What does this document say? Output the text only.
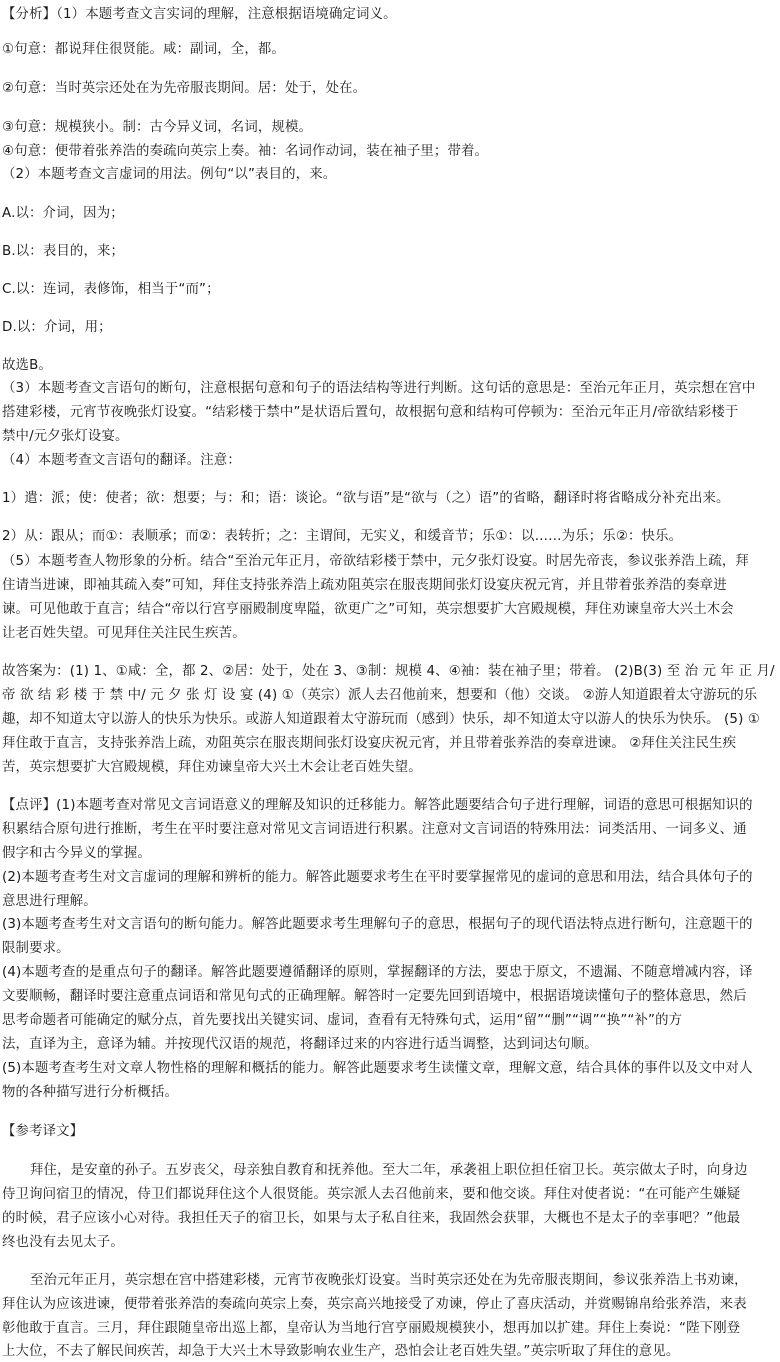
【分析】（1）本题考查文言实词的理解，注意根据语境确定词义。
①句意：都说拜住很贤能。咸：副词，全，都。
②句意：当时英宗还处在为先帝服丧期间。居：处于，处在。
③句意：规模狭小。制：古今异义词，名词，规模。
④句意：便带着张养浩的奏疏向英宗上奏。袖：名词作动词，装在袖子里；带着。
（2）本题考查文言虚词的用法。例句“以”表目的，来。
A.以：介词，因为；
B.以：表目的，来；
C.以：连词，表修饰，相当于“而”；
D.以：介词，用；
故选B。
（3）本题考查文言语句的断句，注意根据句意和句子的语法结构等进行判断。这句话的意思是：至治元年正月，英宗想在宫中
搭建彩楼，元宵节夜晚张灯设宴。“结彩楼于禁中”是状语后置句，故根据句意和结构可停顿为：至治元年正月/帝欲结彩楼于
禁中/元夕张灯设宴。
（4）本题考查文言语句的翻译。注意：
1）遣：派；使：使者；欲：想要；与：和；语：谈论。“欲与语”是“欲与（之）语”的省略，翻译时将省略成分补充出来。
2）从：跟从；而①：表顺承；而②：表转折；之：主谓间，无实义，和缓音节；乐①：以……为乐；乐②：快乐。
（5）本题考查人物形象的分析。结合“至治元年正月，帝欲结彩楼于禁中，元夕张灯设宴。时居先帝丧，参议张养浩上疏，拜
住请当进谏，即袖其疏入奏”可知，拜住支持张养浩上疏劝阻英宗在服丧期间张灯设宴庆祝元宵，并且带着张养浩的奏章进
谏。可见他敢于直言；结合“帝以行宫亨丽殿制度卑隘，欲更广之”可知，英宗想要扩大宫殿规模，拜住劝谏皇帝大兴土木会
让老百姓失望。可见拜住关注民生疾苦。
故答案为：(1) 1、①咸：全，都 2、②居：处于，处在 3、③制：规模 4、④袖：装在袖子里；带着。 (2)B(3) 至 治 元 年 正 月/
帝 欲 结 彩 楼 于 禁 中/ 元 夕 张 灯 设 宴 (4) ①（英宗）派人去召他前来，想要和（他）交谈。 ②游人知道跟着太守游玩的乐
趣，却不知道太守以游人的快乐为快乐。或游人知道跟着太守游玩而（感到）快乐，却不知道太守以游人的快乐为快乐。 (5) ①
拜住敢于直言，支持张养浩上疏，劝阻英宗在服丧期间张灯设宴庆祝元宵，并且带着张养浩的奏章进谏。 ②拜住关注民生疾
苦，英宗想要扩大宫殿规模，拜住劝谏皇帝大兴土木会让老百姓失望。
【点评】(1)本题考查对常见文言词语意义的理解及知识的迁移能力。解答此题要结合句子进行理解，词语的意思可根据知识的
积累结合原句进行推断，考生在平时要注意对常见文言词语进行积累。注意对文言词语的特殊用法：词类活用、一词多义、通
假字和古今异义的掌握。
(2)本题考查考生对文言虚词的理解和辨析的能力。解答此题要求考生在平时要掌握常见的虚词的意思和用法，结合具体句子的
意思进行理解。
(3)本题考查考生对文言语句的断句能力。解答此题要求考生理解句子的意思，根据句子的现代语法特点进行断句，注意题干的
限制要求。
(4)本题考查的是重点句子的翻译。解答此题要遵循翻译的原则，掌握翻译的方法，要忠于原文，不遗漏、不随意增减内容，译
文要顺畅，翻译时要注意重点词语和常见句式的正确理解。解答时一定要先回到语境中，根据语境读懂句子的整体意思，然后
思考命题者可能确定的赋分点，首先要找出关键实词、虚词，查看有无特殊句式，运用“留”“删”“调”“换”“补”的方
法，直译为主，意译为辅。并按现代汉语的规范，将翻译过来的内容进行适当调整，达到词达句顺。
(5)本题考查考生对文章人物性格的理解和概括的能力。解答此题要求考生读懂文章，理解文意，结合具体的事件以及文中对人
物的各种描写进行分析概括。
【参考译文】
拜住，是安童的孙子。五岁丧父，母亲独自教育和抚养他。至大二年，承袭祖上职位担任宿卫长。英宗做太子时，向身边
侍卫询问宿卫的情况，侍卫们都说拜住这个人很贤能。英宗派人去召他前来，要和他交谈。拜住对使者说：“在可能产生嫌疑
的时候，君子应该小心对待。我担任天子的宿卫长，如果与太子私自往来，我固然会获罪，大概也不是太子的幸事吧？”他最
终也没有去见太子。
至治元年正月，英宗想在宫中搭建彩楼，元宵节夜晚张灯设宴。当时英宗还处在为先帝服丧期间，参议张养浩上书劝谏，
拜住认为应该进谏，便带着张养浩的奏疏向英宗上奏，英宗高兴地接受了劝谏，停止了喜庆活动，并赏赐锦帛给张养浩，来表
彰他敢于直言。三月，拜住跟随皇帝出巡上都，皇帝认为当地行宫亨丽殿规模狭小，想再加以扩建。拜住上奏说：“陛下刚登
上大位，不去了解民间疾苦，却急于大兴土木导致影响农业生产，恐怕会让老百姓失望。”英宗听取了拜住的意见。
